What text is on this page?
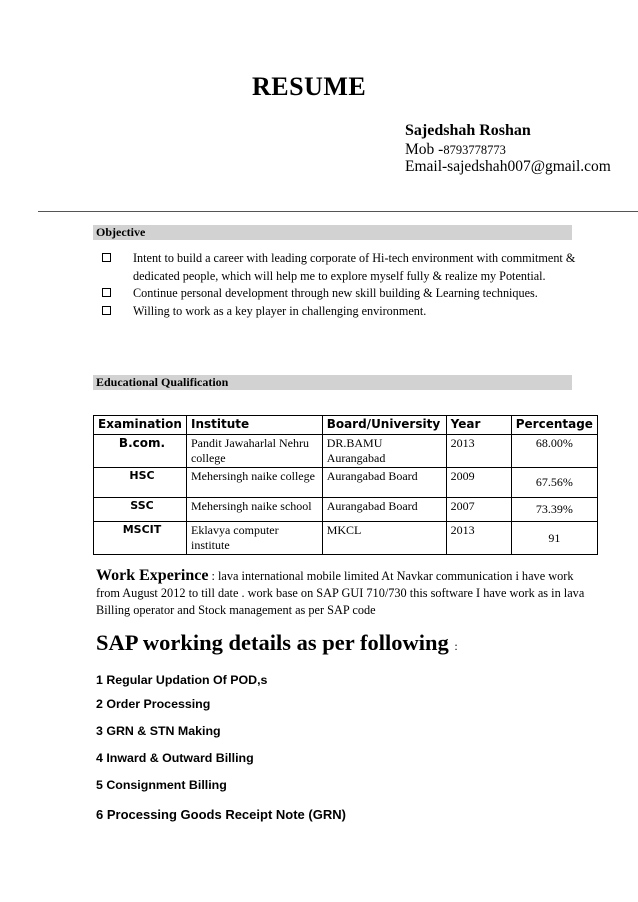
RESUME
Sajedshah Roshan
Mob -8793778773
Email-sajedshah007@gmail.com
Objective
Intent to build a career with leading corporate of Hi-tech environment with commitment & dedicated people, which will help me to explore myself fully & realize my Potential.
Continue personal development through new skill building & Learning techniques.
Willing to work as a key player in challenging environment.
Educational Qualification
Examination	Institute	Board/University	Year	Percentage
B.com.	Pandit Jawaharlal Nehru college	DR.BAMU Aurangabad	2013	68.00%
HSC	Mehersingh naike college	Aurangabad Board	2009	67.56%
SSC	Mehersingh naike school	Aurangabad Board	2007	73.39%
MSCIT	Eklavya computer institute	MKCL	2013	91
Work Experince : lava international mobile limited At Navkar communication i have work from August 2012 to till date . work base on SAP GUI 710/730 this software I have work as in lava Billing operator and Stock management as per SAP code
SAP working details as per following :
1 Regular Updation Of POD,s
2 Order Processing
3 GRN & STN Making
4 Inward & Outward Billing
5 Consignment Billing
6 Processing Goods Receipt Note (GRN)
